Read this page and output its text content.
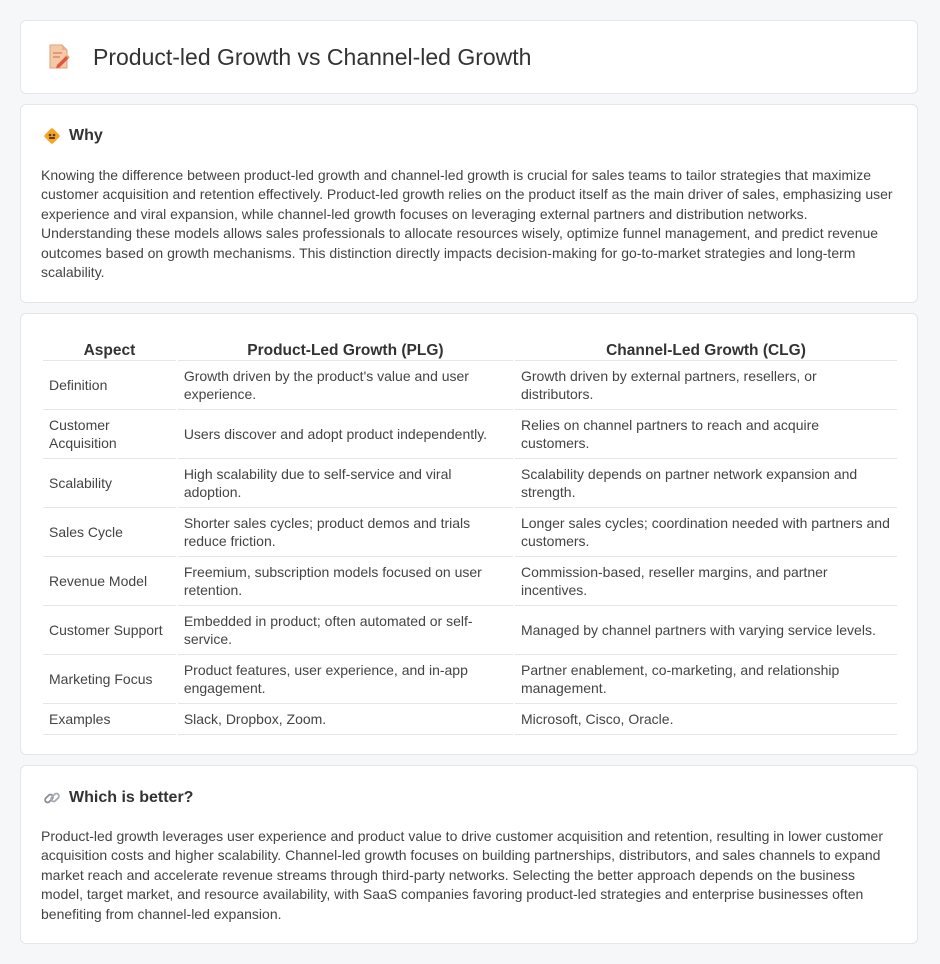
Product-led Growth vs Channel-led Growth
Why

Knowing the difference between product-led growth and channel-led growth is crucial for sales teams to tailor strategies that maximize customer acquisition and retention effectively. Product-led growth relies on the product itself as the main driver of sales, emphasizing user experience and viral expansion, while channel-led growth focuses on leveraging external partners and distribution networks. Understanding these models allows sales professionals to allocate resources wisely, optimize funnel management, and predict revenue outcomes based on growth mechanisms. This distinction directly impacts decision-making for go-to-market strategies and long-term scalability.

Aspect	Product-Led Growth (PLG)	Channel-Led Growth (CLG)
Definition	Growth driven by the product's value and user experience.	Growth driven by external partners, resellers, or distributors.
Customer Acquisition	Users discover and adopt product independently.	Relies on channel partners to reach and acquire customers.
Scalability	High scalability due to self-service and viral adoption.	Scalability depends on partner network expansion and strength.
Sales Cycle	Shorter sales cycles; product demos and trials reduce friction.	Longer sales cycles; coordination needed with partners and customers.
Revenue Model	Freemium, subscription models focused on user retention.	Commission-based, reseller margins, and partner incentives.
Customer Support	Embedded in product; often automated or self-service.	Managed by channel partners with varying service levels.
Marketing Focus	Product features, user experience, and in-app engagement.	Partner enablement, co-marketing, and relationship management.
Examples	Slack, Dropbox, Zoom.	Microsoft, Cisco, Oracle.
Which is better?

Product-led growth leverages user experience and product value to drive customer acquisition and retention, resulting in lower customer acquisition costs and higher scalability. Channel-led growth focuses on building partnerships, distributors, and sales channels to expand market reach and accelerate revenue streams through third-party networks. Selecting the better approach depends on the business model, target market, and resource availability, with SaaS companies favoring product-led strategies and enterprise businesses often benefiting from channel-led expansion.
